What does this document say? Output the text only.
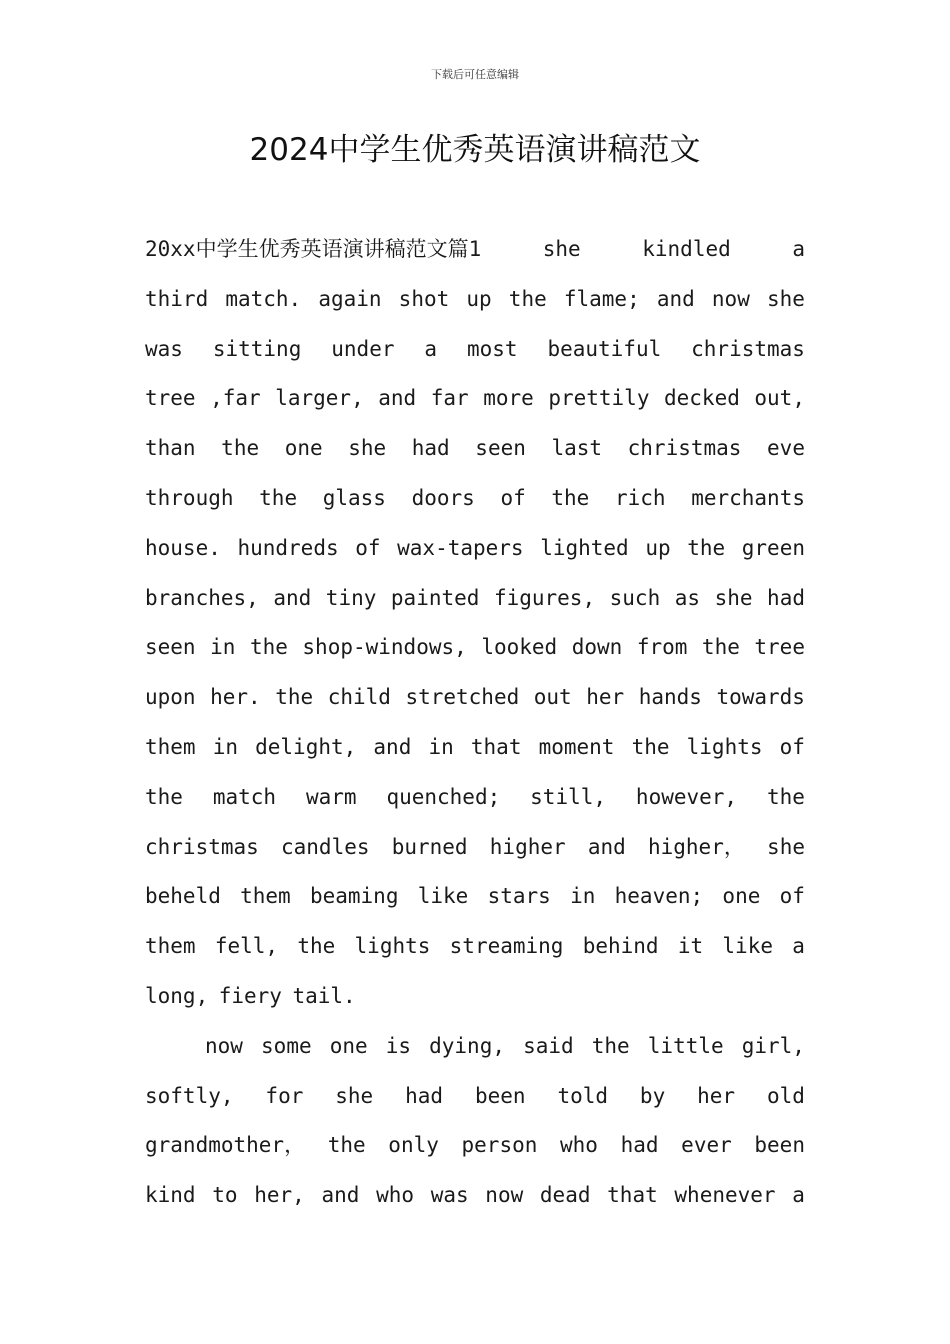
下载后可任意编辑
2024中学生优秀英语演讲稿范文
20xx中学生优秀英语演讲稿范文篇1	she	kindled	a
third match. again shot up the flame; and now she
was sitting under a most beautiful christmas
tree ,far larger, and far more prettily decked out,
than the one she had seen last christmas eve
through the glass doors of the rich merchants
house. hundreds of wax-tapers lighted up the green
branches, and tiny painted figures, such as she had
seen in the shop-windows, looked down from the tree
upon her. the child stretched out her hands towards
them in delight, and in that moment the lights of
the match warm quenched; still, however, the
christmas candles burned higher and higher， she
beheld them beaming like stars in heaven; one of
them fell, the lights streaming behind it like a
long, fiery tail.
now some one is dying, said the little girl,
softly, for she had been told by her old
grandmother， the only person who had ever been
kind to her, and who was now dead that whenever a
